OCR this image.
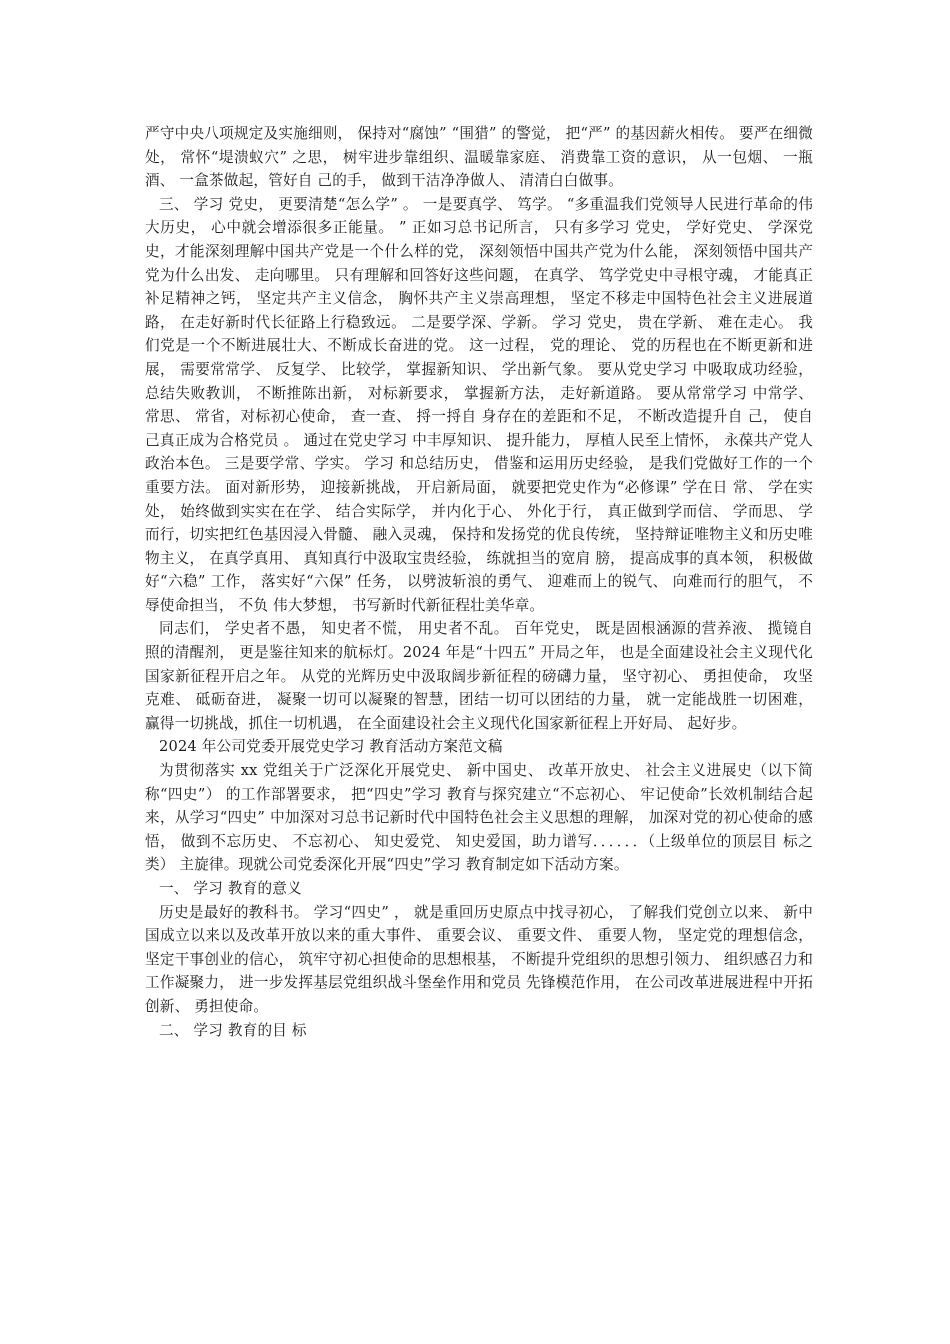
严守中央八项规定及实施细则， 保持对“腐蚀” “围猎” 的警觉， 把“严” 的基因薪火相传。 要严在细微处， 常怀“堤溃蚁穴” 之思， 树牢进步靠组织、温暖靠家庭、 消费靠工资的意识， 从一包烟、 一瓶酒、 一盒茶做起，管好自 己的手， 做到干洁净净做人、 清清白白做事。

三、 学习 党史， 更要清楚“怎么学” 。 一是要真学、 笃学。 “多重温我们党领导人民进行革命的伟大历史， 心中就会增添很多正能量。 ” 正如习总书记所言， 只有多学习 党史， 学好党史、 学深党史，才能深刻理解中国共产党是一个什么样的党， 深刻领悟中国共产党为什么能， 深刻领悟中国共产党为什么出发、 走向哪里。 只有理解和回答好这些问题， 在真学、 笃学党史中寻根守魂， 才能真正补足精神之钙， 坚定共产主义信念， 胸怀共产主义崇高理想， 坚定不移走中国特色社会主义进展道路， 在走好新时代长征路上行稳致远。 二是要学深、学新。 学习 党史， 贵在学新、 难在走心。 我们党是一个不断进展壮大、不断成长奋进的党。 这一过程， 党的理论、 党的历程也在不断更新和进展， 需要常常学、 反复学、 比较学， 掌握新知识、 学出新气象。 要从党史学习 中吸取成功经验， 总结失败教训， 不断推陈出新， 对标新要求， 掌握新方法， 走好新道路。 要从常常学习 中常学、 常思、 常省，对标初心使命， 查一查、 捋一捋自 身存在的差距和不足， 不断改造提升自 己， 使自己真正成为合格党员 。 通过在党史学习 中丰厚知识、 提升能力， 厚植人民至上情怀， 永葆共产党人政治本色。 三是要学常、学实。 学习 和总结历史， 借鉴和运用历史经验， 是我们党做好工作的一个重要方法。 面对新形势， 迎接新挑战， 开启新局面， 就要把党史作为“必修课” 学在日 常、 学在实处， 始终做到实实在在学、 结合实际学， 并内化于心、 外化于行， 真正做到学而信、 学而思、 学而行，切实把红色基因浸入骨髓、 融入灵魂， 保持和发扬党的优良传统， 坚持辩证唯物主义和历史唯物主义， 在真学真用、 真知真行中汲取宝贵经验， 练就担当的宽肩 膀， 提高成事的真本领， 积极做好“六稳” 工作， 落实好“六保” 任务， 以劈波斩浪的勇气、 迎难而上的锐气、 向难而行的胆气， 不辱使命担当， 不负 伟大梦想， 书写新时代新征程壮美华章。

同志们， 学史者不愚， 知史者不慌， 用史者不乱。 百年党史， 既是固根涵源的营养液、 揽镜自 照的清醒剂， 更是鉴往知来的航标灯。2024 年是“十四五” 开局之年， 也是全面建设社会主义现代化国家新征程开启之年。 从党的光辉历史中汲取阔步新征程的磅礴力量， 坚守初心、 勇担使命， 攻坚克难、 砥砺奋进， 凝聚一切可以凝聚的智慧，团结一切可以团结的力量， 就一定能战胜一切困难， 赢得一切挑战，抓住一切机遇， 在全面建设社会主义现代化国家新征程上开好局、 起好步。

2024 年公司党委开展党史学习 教育活动方案范文稿

为贯彻落实 xx 党组关于广泛深化开展党史、 新中国史、 改革开放史、 社会主义进展史（以下简称“四史”） 的工作部署要求， 把“四史”学习 教育与探究建立“不忘初心、 牢记使命”长效机制结合起来，从学习“四史” 中加深对习总书记新时代中国特色社会主义思想的理解， 加深对党的初心使命的感悟， 做到不忘历史、 不忘初心、 知史爱党、 知史爱国，助力谱写．．．．．．（上级单位的顶层目 标之类） 主旋律。现就公司党委深化开展“四史”学习 教育制定如下活动方案。

一、 学习 教育的意义

历史是最好的教科书。 学习“四史” ， 就是重回历史原点中找寻初心， 了解我们党创立以来、 新中国成立以来以及改革开放以来的重大事件、 重要会议、 重要文件、 重要人物， 坚定党的理想信念， 坚定干事创业的信心， 筑牢守初心担使命的思想根基， 不断提升党组织的思想引领力、 组织感召力和工作凝聚力， 进一步发挥基层党组织战斗堡垒作用和党员 先锋模范作用， 在公司改革进展进程中开拓创新、 勇担使命。

二、 学习 教育的目 标
